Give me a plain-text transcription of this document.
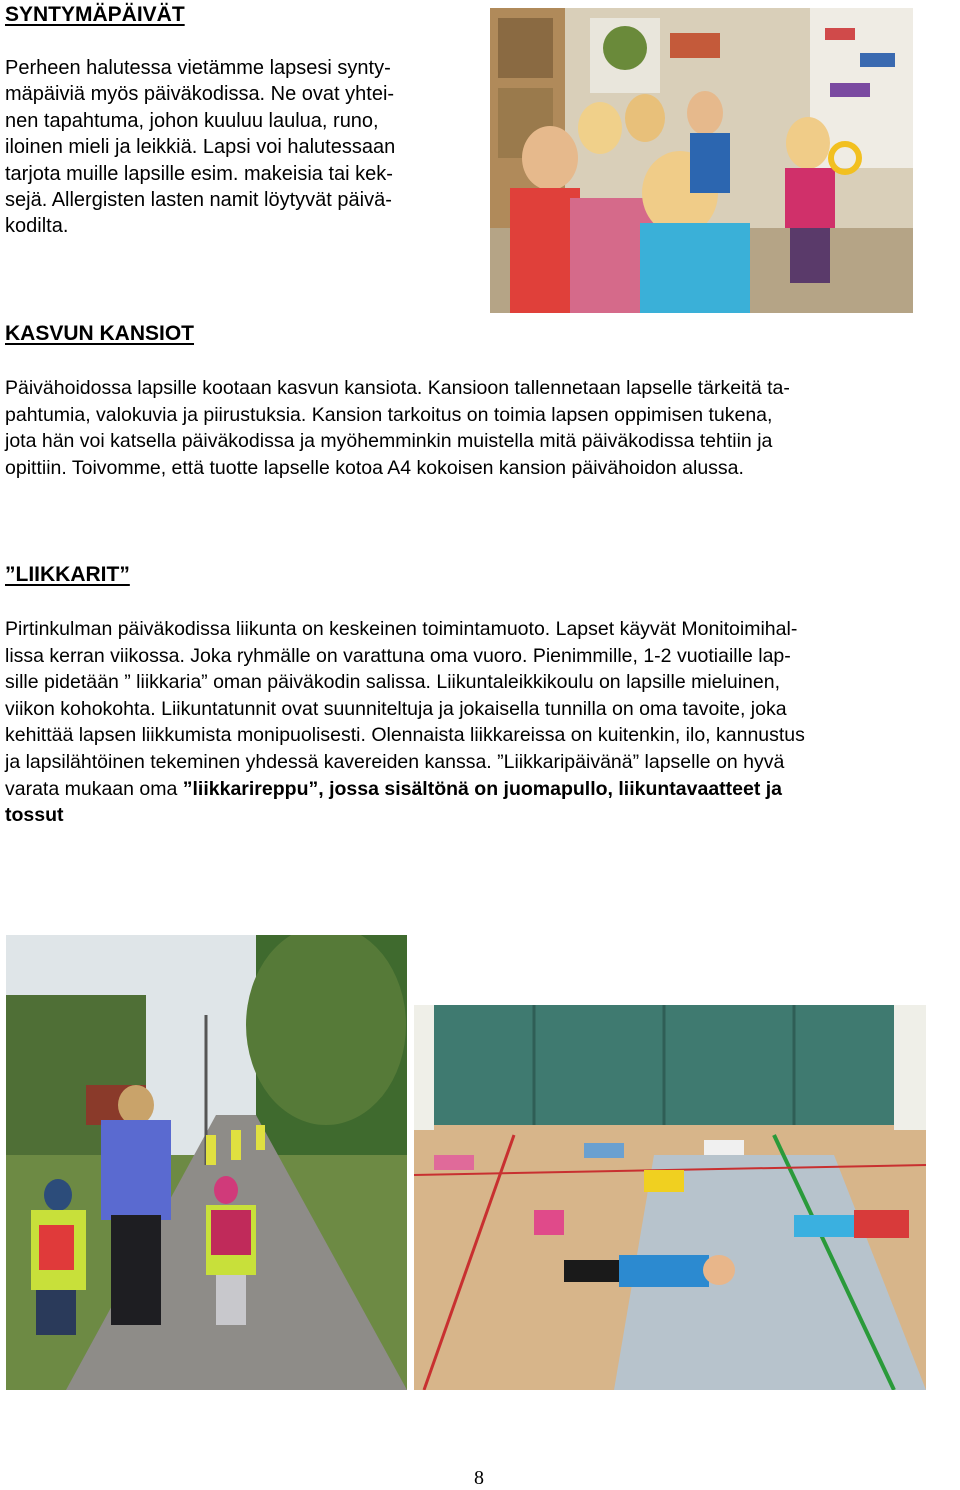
SYNTYMÄPÄIVÄT
Perheen halutessa vietämme lapsesi synty-
mäpäiviä myös päiväkodissa. Ne ovat yhtei-
nen tapahtuma, johon kuuluu laulua, runo,
iloinen mieli ja leikkiä. Lapsi voi halutessaan
tarjota muille lapsille esim. makeisia tai kek-
sejä. Allergisten lasten namit löytyvät päivä-
kodilta.
KASVUN KANSIOT
Päivähoidossa lapsille kootaan kasvun kansiota. Kansioon tallennetaan lapselle tärkeitä ta-
pahtumia, valokuvia ja piirustuksia. Kansion tarkoitus on toimia lapsen oppimisen tukena,
jota hän voi katsella päiväkodissa ja myöhemminkin muistella mitä päiväkodissa tehtiin ja
opittiin. Toivomme, että tuotte lapselle kotoa A4 kokoisen kansion päivähoidon alussa.
”LIIKKARIT”
Pirtinkulman päiväkodissa liikunta on keskeinen toimintamuoto. Lapset käyvät Monitoimihal-
lissa kerran viikossa. Joka ryhmälle on varattuna oma vuoro. Pienimmille, 1-2 vuotiaille lap-
sille pidetään ” liikkaria” oman päiväkodin salissa. Liikuntaleikkikoulu on lapsille mieluinen,
viikon kohokohta. Liikuntatunnit ovat suunniteltuja ja jokaisella tunnilla on oma tavoite, joka
kehittää lapsen liikkumista monipuolisesti. Olennaista liikkareissa on kuitenkin, ilo, kannustus
ja lapsilähtöinen tekeminen yhdessä kavereiden kanssa. ”Liikkaripäivänä” lapselle on hyvä
varata mukaan oma ”liikkarireppu”, jossa sisältönä on juomapullo, liikuntavaatteet ja
tossut
8
